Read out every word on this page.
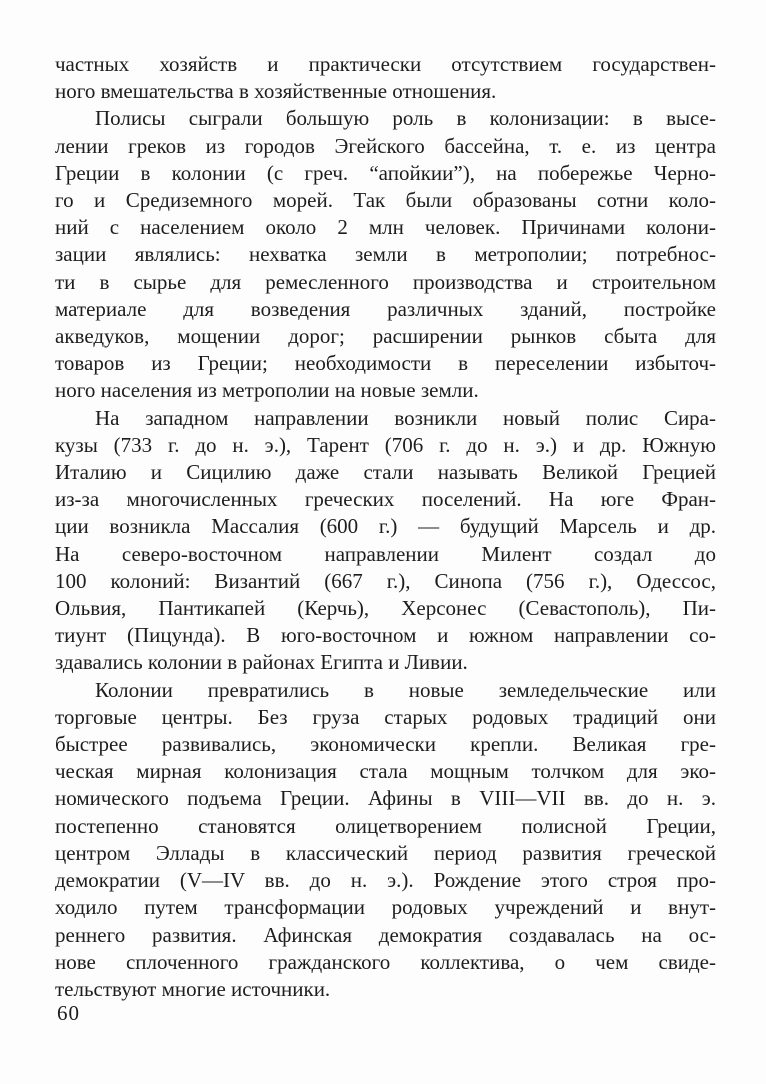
частных хозяйств и практически отсутствием государствен-
ного вмешательства в хозяйственные отношения.
Полисы сыграли большую роль в колонизации: в высе-
лении греков из городов Эгейского бассейна, т. е. из центра
Греции в колонии (с греч. “апойкии”), на побережье Черно-
го и Средиземного морей. Так были образованы сотни коло-
ний с населением около 2 млн человек. Причинами колони-
зации являлись: нехватка земли в метрополии; потребнос-
ти в сырье для ремесленного производства и строительном
материале для возведения различных зданий, постройке
акведуков, мощении дорог; расширении рынков сбыта для
товаров из Греции; необходимости в переселении избыточ-
ного населения из метрополии на новые земли.
На западном направлении возникли новый полис Сира-
кузы (733 г. до н. э.), Тарент (706 г. до н. э.) и др. Южную
Италию и Сицилию даже стали называть Великой Грецией
из-за многочисленных греческих поселений. На юге Фран-
ции возникла Массалия (600 г.) — будущий Марсель и др.
На северо-восточном направлении Милент создал до
100 колоний: Византий (667 г.), Синопа (756 г.), Одессос,
Ольвия, Пантикапей (Керчь), Херсонес (Севастополь), Пи-
тиунт (Пицунда). В юго-восточном и южном направлении со-
здавались колонии в районах Египта и Ливии.
Колонии превратились в новые земледельческие или
торговые центры. Без груза старых родовых традиций они
быстрее развивались, экономически крепли. Великая гре-
ческая мирная колонизация стала мощным толчком для эко-
номического подъема Греции. Афины в VIII—VII вв. до н. э.
постепенно становятся олицетворением полисной Греции,
центром Эллады в классический период развития греческой
демократии (V—IV вв. до н. э.). Рождение этого строя про-
ходило путем трансформации родовых учреждений и внут-
реннего развития. Афинская демократия создавалась на ос-
нове сплоченного гражданского коллектива, о чем свиде-
тельствуют многие источники.
60
